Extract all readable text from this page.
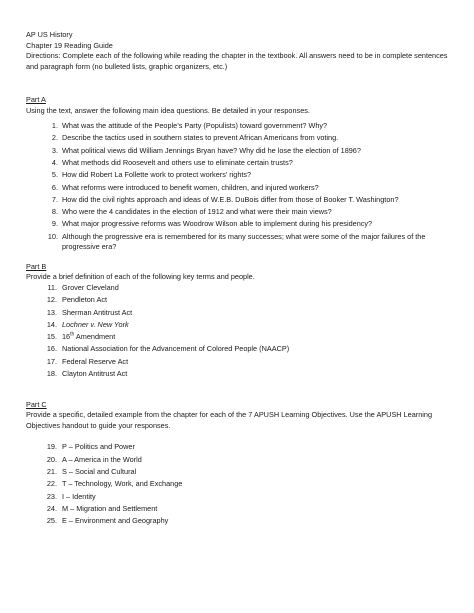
AP US History
Chapter 19 Reading Guide
Directions: Complete each of the following while reading the chapter in the textbook. All answers need to be in complete sentences and paragraph form (no bulleted lists, graphic organizers, etc.)
Part A
Using the text, answer the following main idea questions. Be detailed in your responses.
1. What was the attitude of the People’s Party (Populists) toward government? Why?
2. Describe the tactics used in southern states to prevent African Americans from voting.
3. What political views did William Jennings Bryan have? Why did he lose the election of 1896?
4. What methods did Roosevelt and others use to eliminate certain trusts?
5. How did Robert La Follette work to protect workers’ rights?
6. What reforms were introduced to benefit women, children, and injured workers?
7. How did the civil rights approach and ideas of W.E.B. DuBois differ from those of Booker T. Washington?
8. Who were the 4 candidates in the election of 1912 and what were their main views?
9. What major progressive reforms was Woodrow Wilson able to implement during his presidency?
10. Although the progressive era is remembered for its many successes; what were some of the major failures of the progressive era?
Part B
Provide a brief definition of each of the following key terms and people.
11. Grover Cleveland
12. Pendleton Act
13. Sherman Antitrust Act
14. Lochner v. New York
15. 16th Amendment
16. National Association for the Advancement of Colored People (NAACP)
17. Federal Reserve Act
18. Clayton Antitrust Act
Part C
Provide a specific, detailed example from the chapter for each of the 7 APUSH Learning Objectives. Use the APUSH Learning Objectives handout to guide your responses.
19. P – Politics and Power
20. A – America in the World
21. S – Social and Cultural
22. T – Technology, Work, and Exchange
23. I – Identity
24. M – Migration and Settlement
25. E – Environment and Geography
